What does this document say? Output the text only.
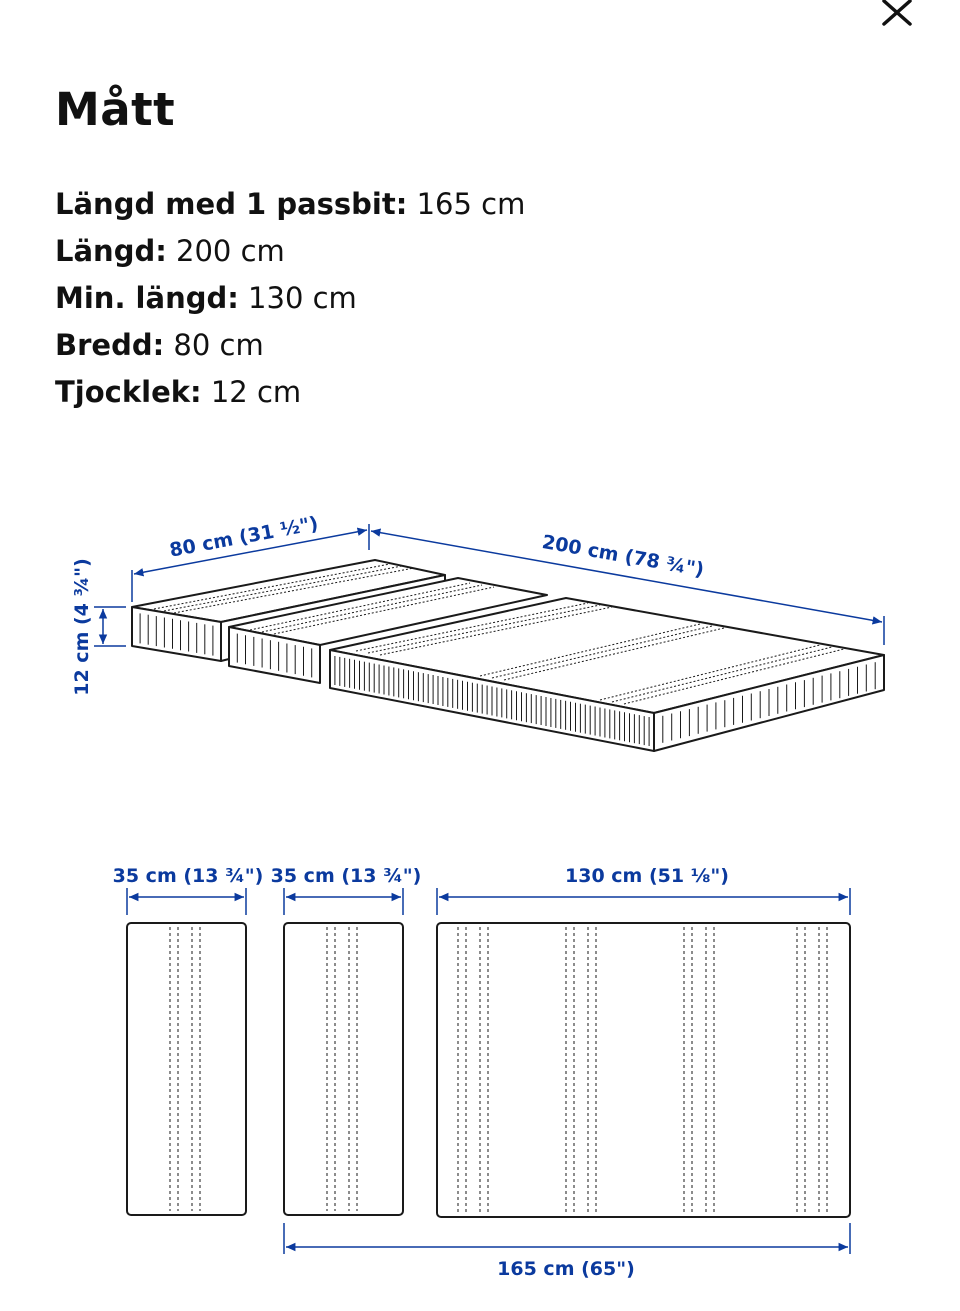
Mått
Längd med 1 passbit: 165 cm
Längd: 200 cm
Min. längd: 130 cm
Bredd: 80 cm
Tjocklek: 12 cm
80 cm (31 ½")	200 cm (78 ¾")
12 cm (4 ¾")
35 cm (13 ¾") 35 cm (13 ¾")	130 cm (51 ⅛")
165 cm (65")
